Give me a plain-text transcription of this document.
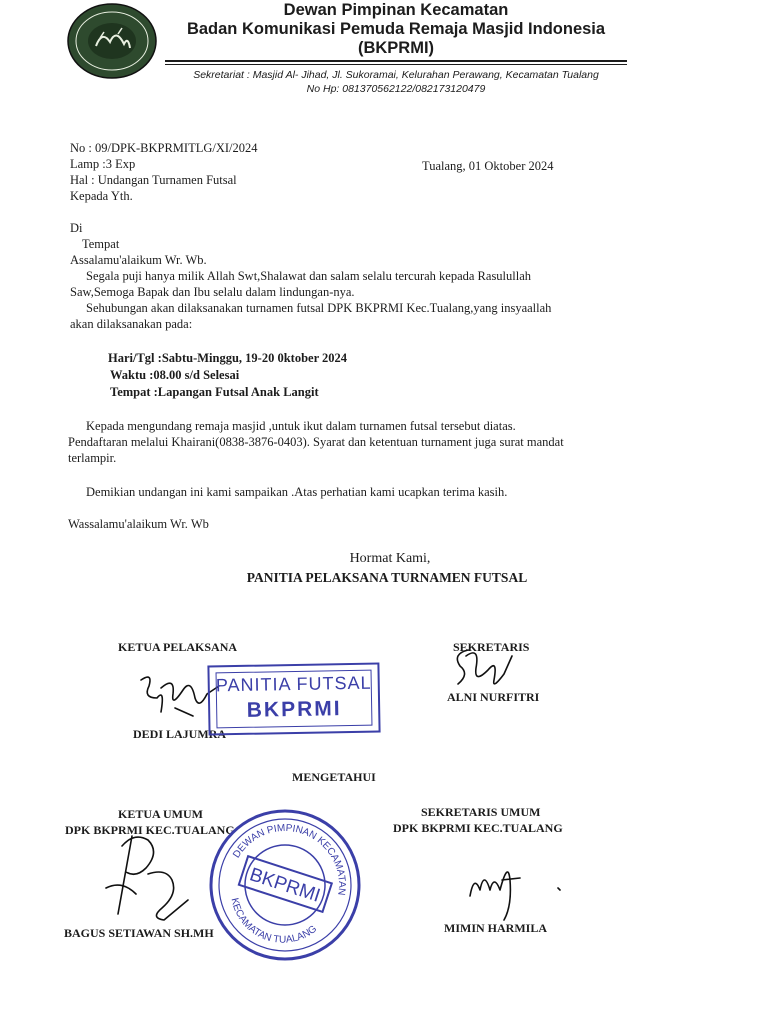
Dewan Pimpinan Kecamatan
Badan Komunikasi Pemuda Remaja Masjid Indonesia
(BKPRMI)
Sekretariat : Masjid Al- Jihad, Jl. Sukoramai, Kelurahan Perawang, Kecamatan Tualang
No Hp: 081370562122/082173120479
No : 09/DPK-BKPRMITLG/XI/2024
Lamp :3 Exp
Hal : Undangan Turnamen Futsal
Tualang, 01 Oktober 2024
Kepada Yth.
Di
Tempat
Assalamu'alaikum Wr. Wb.
Segala puji hanya milik Allah Swt,Shalawat dan salam selalu tercurah kepada Rasulullah
Saw,Semoga Bapak dan Ibu selalu dalam lindungan-nya.
Sehubungan akan dilaksanakan turnamen futsal DPK BKPRMI Kec.Tualang,yang insyaallah
akan dilaksanakan pada:
Hari/Tgl :Sabtu-Minggu, 19-20 0ktober 2024
Waktu :08.00 s/d Selesai
Tempat :Lapangan Futsal Anak Langit
Kepada mengundang remaja masjid ,untuk ikut dalam turnamen futsal tersebut diatas.
Pendaftaran melalui Khairani(0838-3876-0403). Syarat dan ketentuan turnament juga surat mandat
terlampir.
Demikian undangan ini kami sampaikan .Atas perhatian kami ucapkan terima kasih.
Wassalamu'alaikum Wr. Wb
Hormat Kami,
PANITIA PELAKSANA TURNAMEN FUTSAL
KETUA PELAKSANA
DEDI LAJUMRA
PANITIA FUTSAL
BKPRMI
SEKRETARIS
ALNI NURFITRI
MENGETAHUI
KETUA UMUM
DPK BKPRMI KEC.TUALANG
BAGUS SETIAWAN SH.MH
BKPRMI
DEWAN PIMPINAN KECAMATAN
KECAMATAN TUALANG
SEKRETARIS UMUM
DPK BKPRMI KEC.TUALANG
MIMIN HARMILA
